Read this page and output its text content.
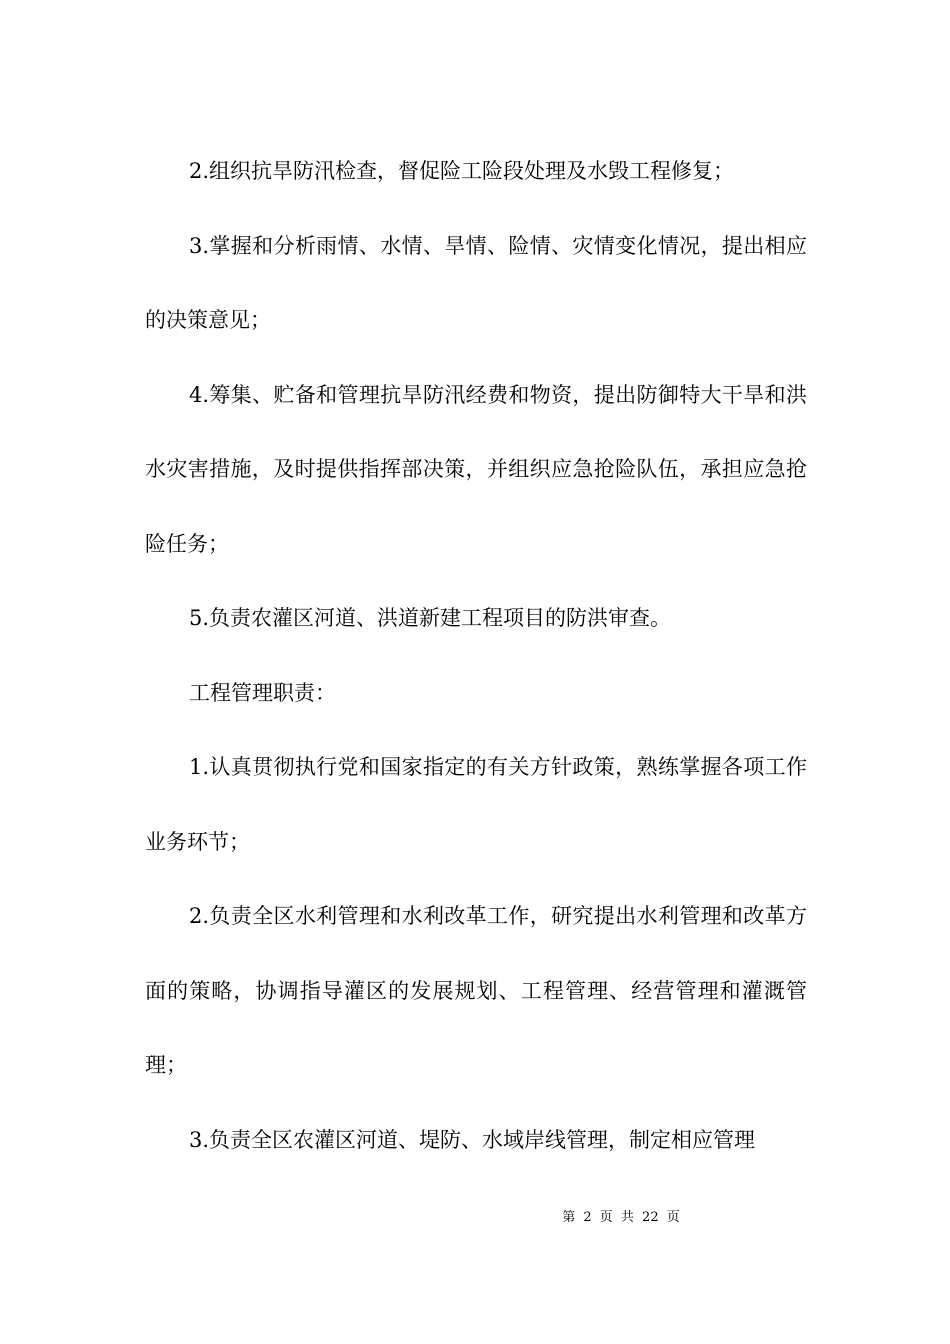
2.组织抗旱防汛检查，督促险工险段处理及水毁工程修复；

3.掌握和分析雨情、水情、旱情、险情、灾情变化情况，提出相应的决策意见；

4.筹集、贮备和管理抗旱防汛经费和物资，提出防御特大干旱和洪水灾害措施，及时提供指挥部决策，并组织应急抢险队伍，承担应急抢险任务；

5.负责农灌区河道、洪道新建工程项目的防洪审查。

工程管理职责：

1.认真贯彻执行党和国家指定的有关方针政策，熟练掌握各项工作业务环节；

2.负责全区水利管理和水利改革工作，研究提出水利管理和改革方面的策略，协调指导灌区的发展规划、工程管理、经营管理和灌溉管理；

3.负责全区农灌区河道、堤防、水域岸线管理，制定相应管理

第 2 页 共 22 页
